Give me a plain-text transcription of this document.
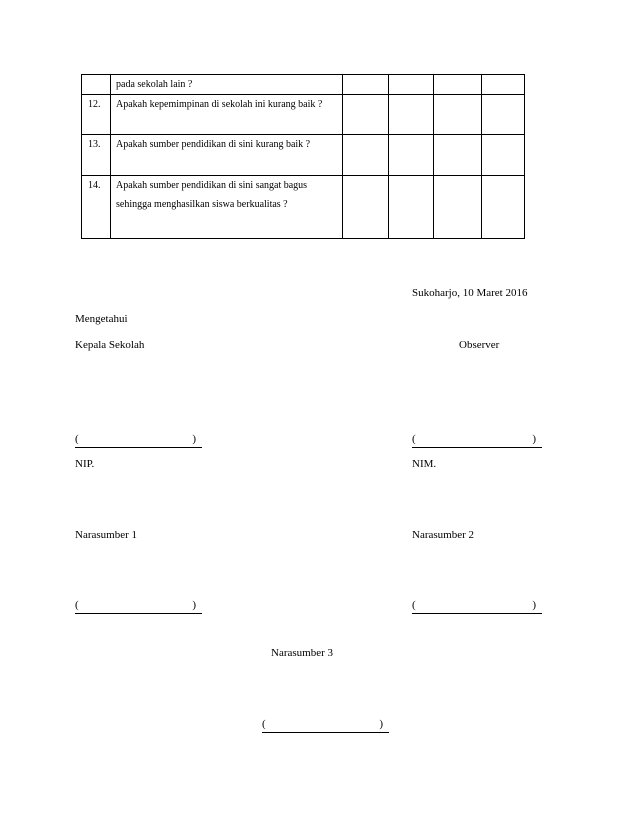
	pada sekolah lain ?				
12.	Apakah kepemimpinan di sekolah ini kurang baik ?				
13.	Apakah sumber pendidikan di sini kurang baik ?				
14.	Apakah sumber pendidikan di sini sangat bagus sehingga menghasilkan siswa berkualitas ?				
Sukoharjo, 10 Maret 2016
Mengetahui
Kepala Sekolah	Observer
(	)	(	)
NIP.	NIM.
Narasumber 1	Narasumber 2
(	)	(	)
Narasumber 3
(	)
